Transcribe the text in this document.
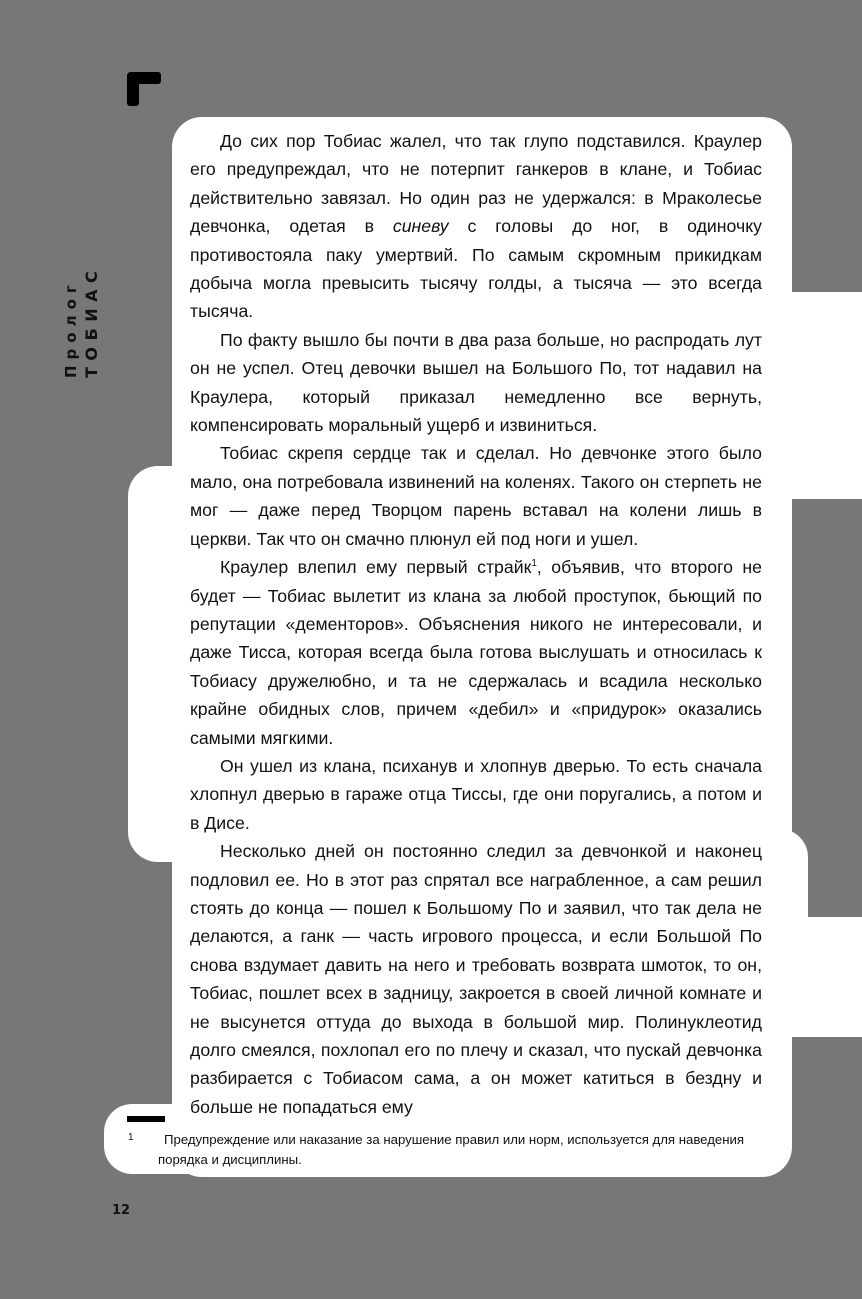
Пролог ТОБИАС

До сих пор Тобиас жалел, что так глупо подставился. Краулер его предупреждал, что не потерпит ганкеров в клане, и Тобиас действительно завязал. Но один раз не удержался: в Мраколесье девчонка, одетая в синеву с головы до ног, в одиночку противостояла паку умертвий. По самым скромным прикидкам добыча могла превысить тысячу голды, а тысяча — это всегда тысяча.

По факту вышло бы почти в два раза больше, но распродать лут он не успел. Отец девочки вышел на Большого По, тот надавил на Краулера, который приказал немедленно все вернуть, компенсировать моральный ущерб и извиниться.

Тобиас скрепя сердце так и сделал. Но девчонке этого было мало, она потребовала извинений на коленях. Такого он стерпеть не мог — даже перед Творцом парень вставал на колени лишь в церкви. Так что он смачно плюнул ей под ноги и ушел.

Краулер влепил ему первый страйк$^1$, объявив, что второго не будет — Тобиас вылетит из клана за любой проступок, бьющий по репутации «дементоров». Объяснения никого не интересовали, и даже Тисса, которая всегда была готова выслушать и относилась к Тобиасу дружелюбно, и та не сдержалась и всадила несколько крайне обидных слов, причем «дебил» и «придурок» оказались самыми мягкими.

Он ушел из клана, психанув и хлопнув дверью. То есть сначала хлопнул дверью в гараже отца Тиссы, где они поругались, а потом и в Дисе.

Несколько дней он постоянно следил за девчонкой и наконец подловил ее. Но в этот раз спрятал все награбленное, а сам решил стоять до конца — пошел к Большому По и заявил, что так дела не делаются, а ганк — часть игрового процесса, и если Большой По снова вздумает давить на него и требовать возврата шмоток, то он, Тобиас, пошлет всех в задницу, закроется в своей личной комнате и не высунется оттуда до выхода в большой мир. Полинуклеотид долго смеялся, похлопал его по плечу и сказал, что пускай девчонка разбирается с Тобиасом сама, а он может катиться в бездну и больше не попадаться ему

1	Предупреждение или наказание за нарушение правил или норм, используется для наведения порядка и дисциплины.
12
